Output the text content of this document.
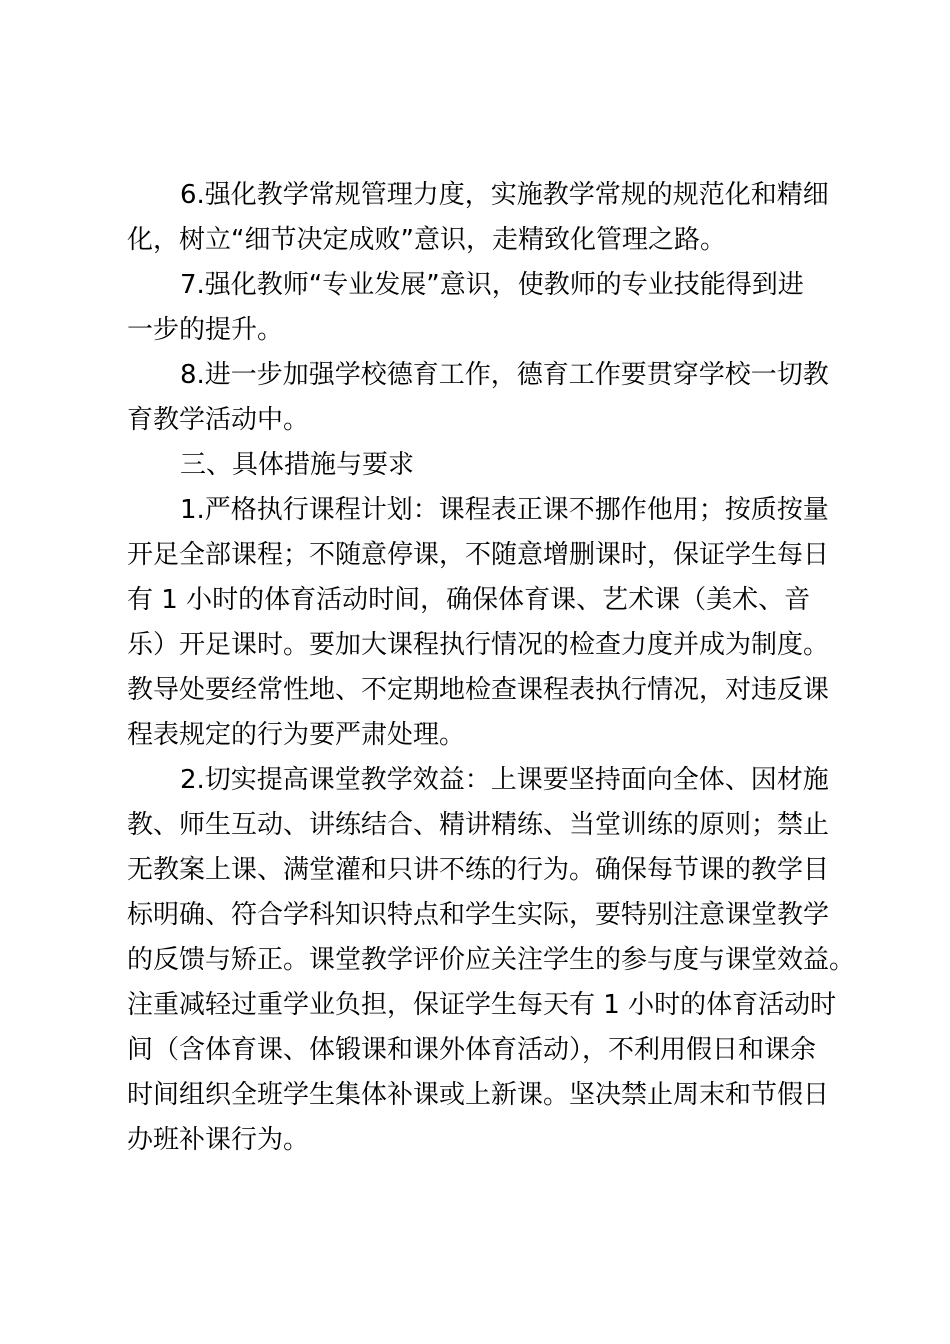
6.强化教学常规管理力度，实施教学常规的规范化和精细

化，树立“细节决定成败”意识，走精致化管理之路。

7.强化教师“专业发展”意识，使教师的专业技能得到进

一步的提升。

8.进一步加强学校德育工作，德育工作要贯穿学校一切教

育教学活动中。

三、具体措施与要求

1.严格执行课程计划：课程表正课不挪作他用；按质按量

开足全部课程；不随意停课，不随意增删课时，保证学生每日

有 1 小时的体育活动时间，确保体育课、艺术课（美术、音

乐）开足课时。要加大课程执行情况的检查力度并成为制度。

教导处要经常性地、不定期地检查课程表执行情况，对违反课

程表规定的行为要严肃处理。

2.切实提高课堂教学效益：上课要坚持面向全体、因材施

教、师生互动、讲练结合、精讲精练、当堂训练的原则；禁止

无教案上课、满堂灌和只讲不练的行为。确保每节课的教学目

标明确、符合学科知识特点和学生实际，要特别注意课堂教学

的反馈与矫正。课堂教学评价应关注学生的参与度与课堂效益。

注重减轻过重学业负担，保证学生每天有 1 小时的体育活动时

间（含体育课、体锻课和课外体育活动），不利用假日和课余

时间组织全班学生集体补课或上新课。坚决禁止周末和节假日

办班补课行为。
